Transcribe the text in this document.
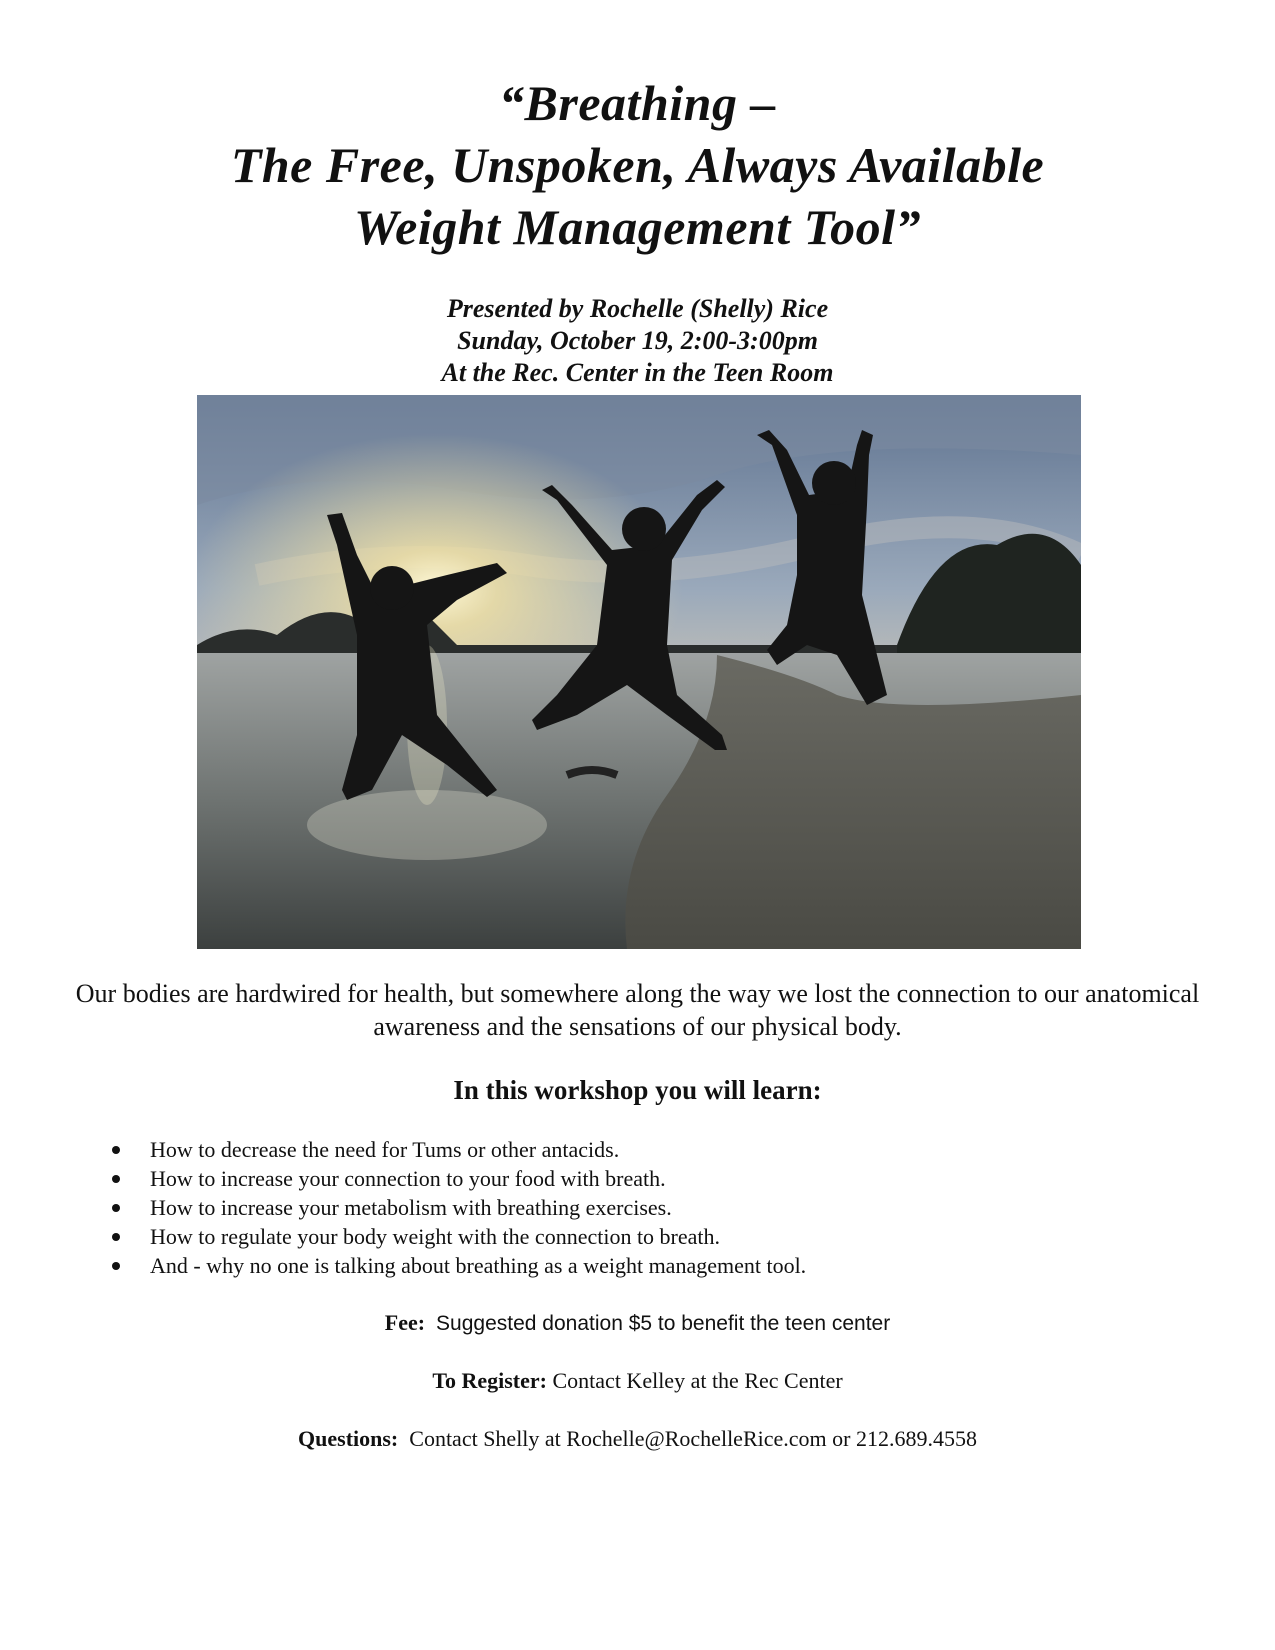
“Breathing –
The Free, Unspoken, Always Available
Weight Management Tool”
Presented by Rochelle (Shelly) Rice
Sunday, October 19, 2:00-3:00pm
At the Rec. Center in the Teen Room
Our bodies are hardwired for health, but somewhere along the way we lost the connection to our anatomical awareness and the sensations of our physical body.
In this workshop you will learn:
How to decrease the need for Tums or other antacids.
How to increase your connection to your food with breath.
How to increase your metabolism with breathing exercises.
How to regulate your body weight with the connection to breath.
And - why no one is talking about breathing as a weight management tool.
Fee: Suggested donation $5 to benefit the teen center
To Register: Contact Kelley at the Rec Center
Questions: Contact Shelly at Rochelle@RochelleRice.com or 212.689.4558
